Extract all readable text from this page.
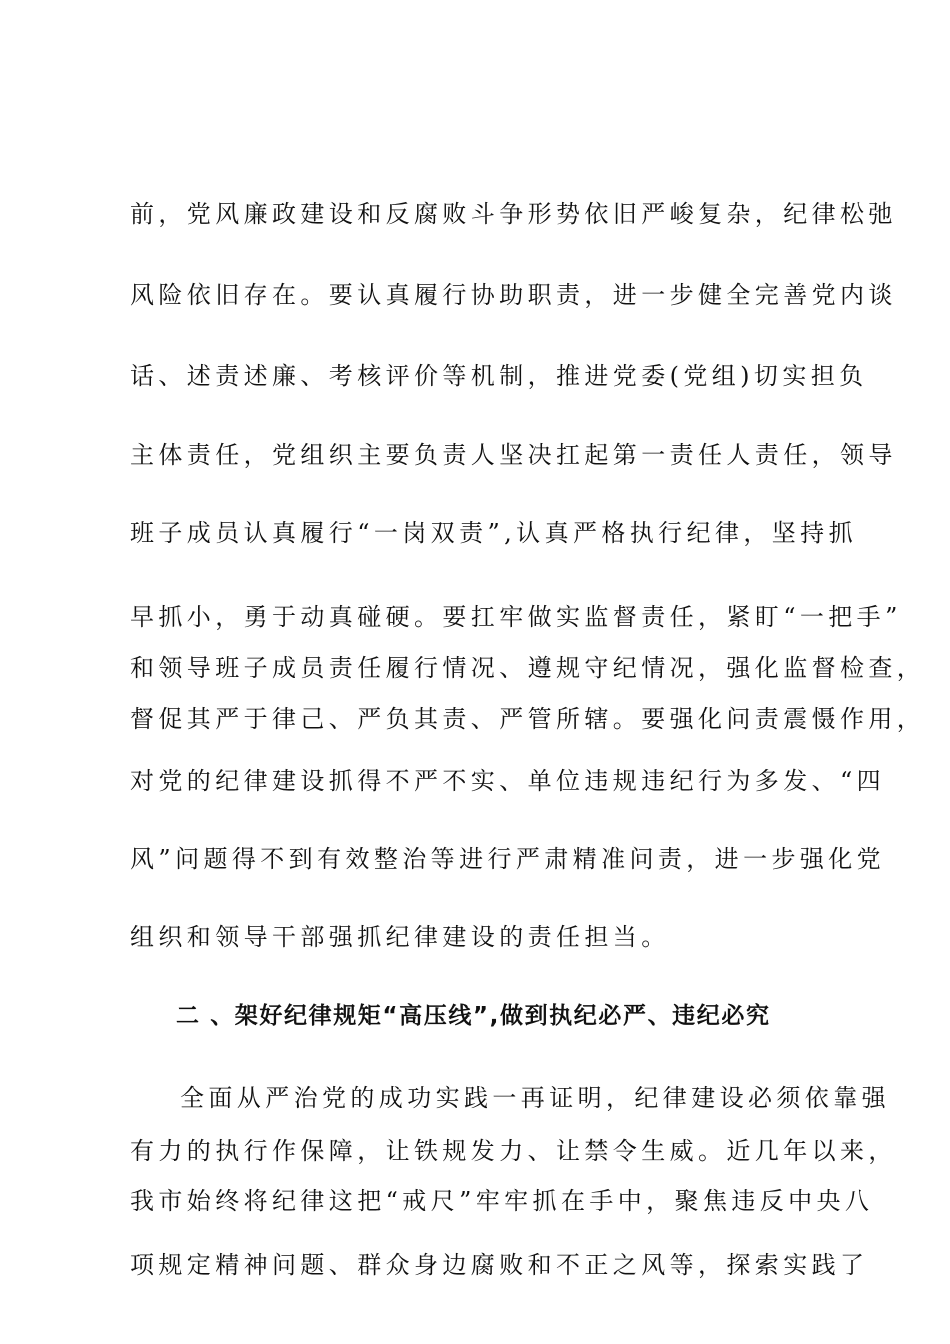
前，党风廉政建设和反腐败斗争形势依旧严峻复杂，纪律松弛

风险依旧存在。要认真履行协助职责，进一步健全完善党内谈

话、述责述廉、考核评价等机制，推进党委(党组)切实担负

主体责任，党组织主要负责人坚决扛起第一责任人责任，领导

班子成员认真履行“一岗双责”,认真严格执行纪律，坚持抓

早抓小，勇于动真碰硬。要扛牢做实监督责任，紧盯“一把手”

和领导班子成员责任履行情况、遵规守纪情况，强化监督检查，

督促其严于律己、严负其责、严管所辖。要强化问责震慑作用，

对党的纪律建设抓得不严不实、单位违规违纪行为多发、“四

风”问题得不到有效整治等进行严肃精准问责，进一步强化党

组织和领导干部强抓纪律建设的责任担当。

二 、架好纪律规矩“高压线”,做到执纪必严、违纪必究

全面从严治党的成功实践一再证明，纪律建设必须依靠强

有力的执行作保障，让铁规发力、让禁令生威。近几年以来，

我市始终将纪律这把“戒尺”牢牢抓在手中，聚焦违反中央八

项规定精神问题、群众身边腐败和不正之风等，探索实践了
